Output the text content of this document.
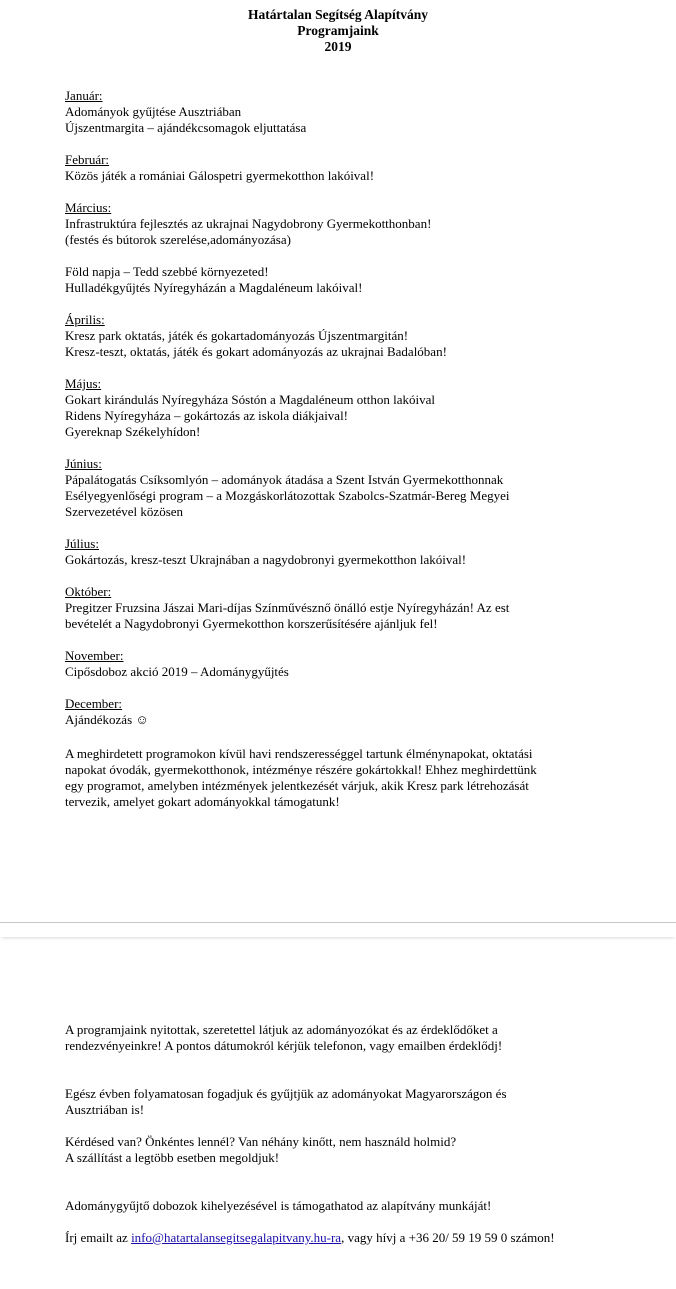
Határtalan Segítség Alapítvány
Programjaink
2019
Január:
Adományok gyűjtése Ausztriában
Újszentmargita – ajándékcsomagok eljuttatása
Február:
Közös játék a romániai Gálospetri gyermekotthon lakóival!
Március:
Infrastruktúra fejlesztés az ukrajnai Nagydobrony Gyermekotthonban!
(festés és bútorok szerelése,adományozása)
Föld napja – Tedd szebbé környezeted!
Hulladékgyűjtés Nyíregyházán a Magdaléneum lakóival!
Április:
Kresz park oktatás, játék és gokartadományozás Újszentmargitán!
Kresz-teszt, oktatás, játék és gokart adományozás az ukrajnai Badalóban!
Május:
Gokart kirándulás Nyíregyháza Sóstón a Magdaléneum otthon lakóival
Ridens Nyíregyháza – gokártozás az iskola diákjaival!
Gyereknap Székelyhídon!
Június:
Pápalátogatás Csíksomlyón – adományok átadása a Szent István Gyermekotthonnak
Esélyegyenlőségi program – a Mozgáskorlátozottak Szabolcs-Szatmár-Bereg Megyei
Szervezetével közösen
Július:
Gokártozás, kresz-teszt Ukrajnában a nagydobronyi gyermekotthon lakóival!
Október:
Pregitzer Fruzsina Jászai Mari-díjas Színművésznő önálló estje Nyíregyházán! Az est
bevételét a Nagydobronyi Gyermekotthon korszerűsítésére ajánljuk fel!
November:
Cipősdoboz akció 2019 – Adománygyűjtés
December:
Ajándékozás ☺
A meghirdetett programokon kívül havi rendszerességgel tartunk élménynapokat, oktatási
napokat óvodák, gyermekotthonok, intézménye részére gokártokkal! Ehhez meghirdettünk
egy programot, amelyben intézmények jelentkezését várjuk, akik Kresz park létrehozását
tervezik, amelyet gokart adományokkal támogatunk!
A programjaink nyitottak, szeretettel látjuk az adományozókat és az érdeklődőket a
rendezvényeinkre! A pontos dátumokról kérjük telefonon, vagy emailben érdeklődj!
Egész évben folyamatosan fogadjuk és gyűjtjük az adományokat Magyarországon és
Ausztriában is!
Kérdésed van? Önkéntes lennél? Van néhány kinőtt, nem használd holmid?
A szállítást a legtöbb esetben megoldjuk!
Adománygyűjtő dobozok kihelyezésével is támogathatod az alapítvány munkáját!
Írj emailt az info@hatartalansegitsegalapitvany.hu-ra, vagy hívj a +36 20/ 59 19 59 0 számon!
